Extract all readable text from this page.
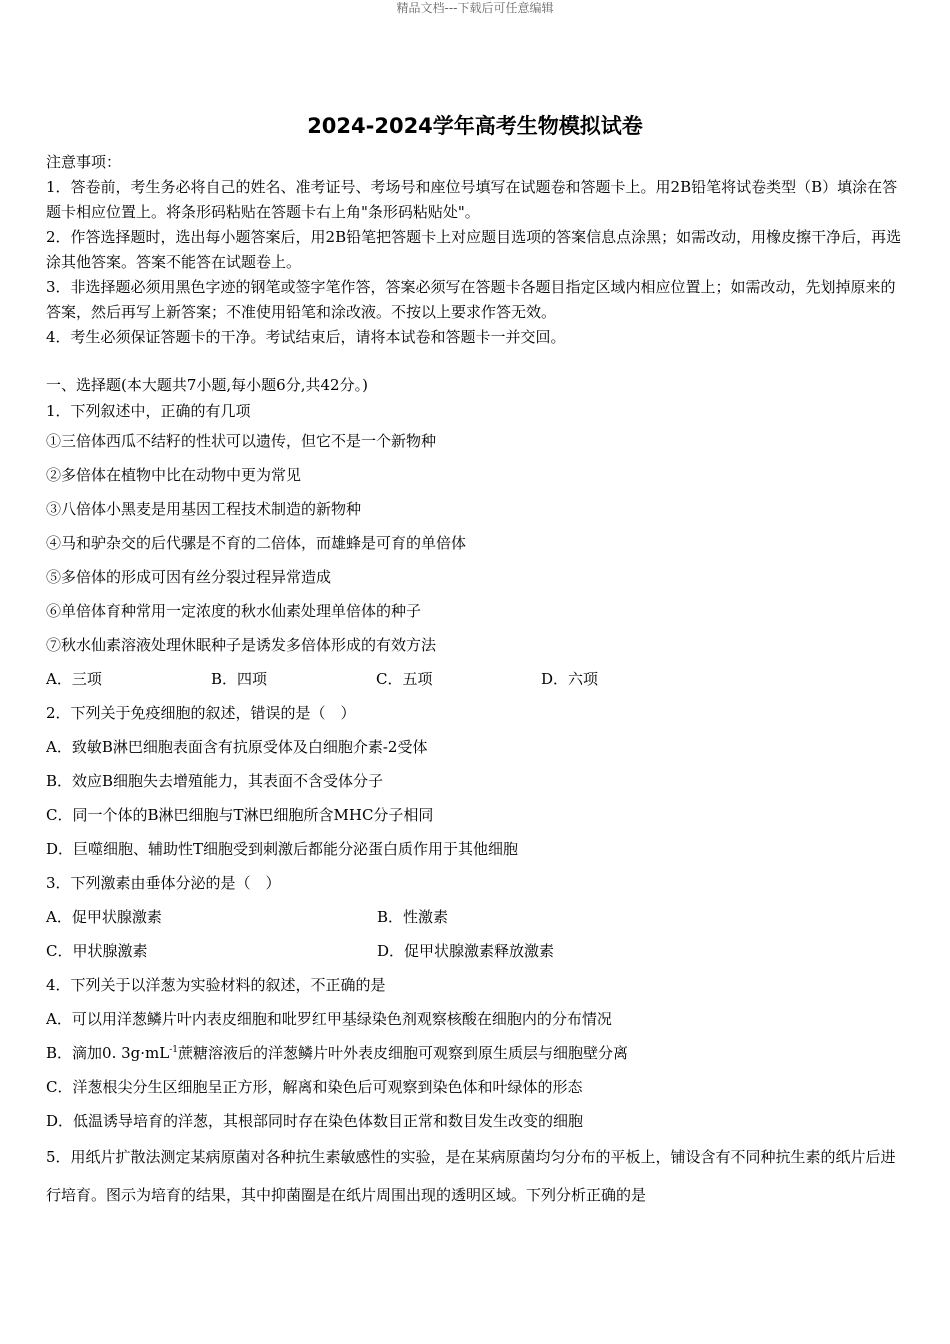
精品文档---下载后可任意编辑
2024-2024学年高考生物模拟试卷

注意事项：

1．答卷前，考生务必将自己的姓名、准考证号、考场号和座位号填写在试题卷和答题卡上。用2B铅笔将试卷类型（B）填涂在答题卡相应位置上。将条形码粘贴在答题卡右上角"条形码粘贴处"。

2．作答选择题时，选出每小题答案后，用2B铅笔把答题卡上对应题目选项的答案信息点涂黑；如需改动，用橡皮擦干净后，再选涂其他答案。答案不能答在试题卷上。

3．非选择题必须用黑色字迹的钢笔或签字笔作答，答案必须写在答题卡各题目指定区域内相应位置上；如需改动，先划掉原来的答案，然后再写上新答案；不准使用铅笔和涂改液。不按以上要求作答无效。

4．考生必须保证答题卡的干净。考试结束后，请将本试卷和答题卡一并交回。

一、选择题(本大题共7小题,每小题6分,共42分。)

1．下列叙述中，正确的有几项

①三倍体西瓜不结籽的性状可以遗传，但它不是一个新物种

②多倍体在植物中比在动物中更为常见

③八倍体小黑麦是用基因工程技术制造的新物种

④马和驴杂交的后代骡是不育的二倍体，而雄蜂是可育的单倍体

⑤多倍体的形成可因有丝分裂过程异常造成

⑥单倍体育种常用一定浓度的秋水仙素处理单倍体的种子

⑦秋水仙素溶液处理休眠种子是诱发多倍体形成的有效方法

A．三项	B．四项	C．五项	D．六项

2．下列关于免疫细胞的叙述，错误的是（　）

A．致敏B淋巴细胞表面含有抗原受体及白细胞介素-2受体

B．效应B细胞失去增殖能力，其表面不含受体分子

C．同一个体的B淋巴细胞与T淋巴细胞所含MHC分子相同

D．巨噬细胞、辅助性T细胞受到刺激后都能分泌蛋白质作用于其他细胞

3．下列激素由垂体分泌的是（　）

A．促甲状腺激素	B．性激素
C．甲状腺激素	D．促甲状腺激素释放激素

4．下列关于以洋葱为实验材料的叙述，不正确的是

A．可以用洋葱鳞片叶内表皮细胞和吡罗红甲基绿染色剂观察核酸在细胞内的分布情况

B．滴加0. $3g\cdot mL^{-1}$蔗糖溶液后的洋葱鳞片叶外表皮细胞可观察到原生质层与细胞壁分离

C．洋葱根尖分生区细胞呈正方形，解离和染色后可观察到染色体和叶绿体的形态

D．低温诱导培育的洋葱，其根部同时存在染色体数目正常和数目发生改变的细胞

5．用纸片扩散法测定某病原菌对各种抗生素敏感性的实验，是在某病原菌均匀分布的平板上，铺设含有不同种抗生素的纸片后进行培育。图示为培育的结果，其中抑菌圈是在纸片周围出现的透明区域。下列分析正确的是
